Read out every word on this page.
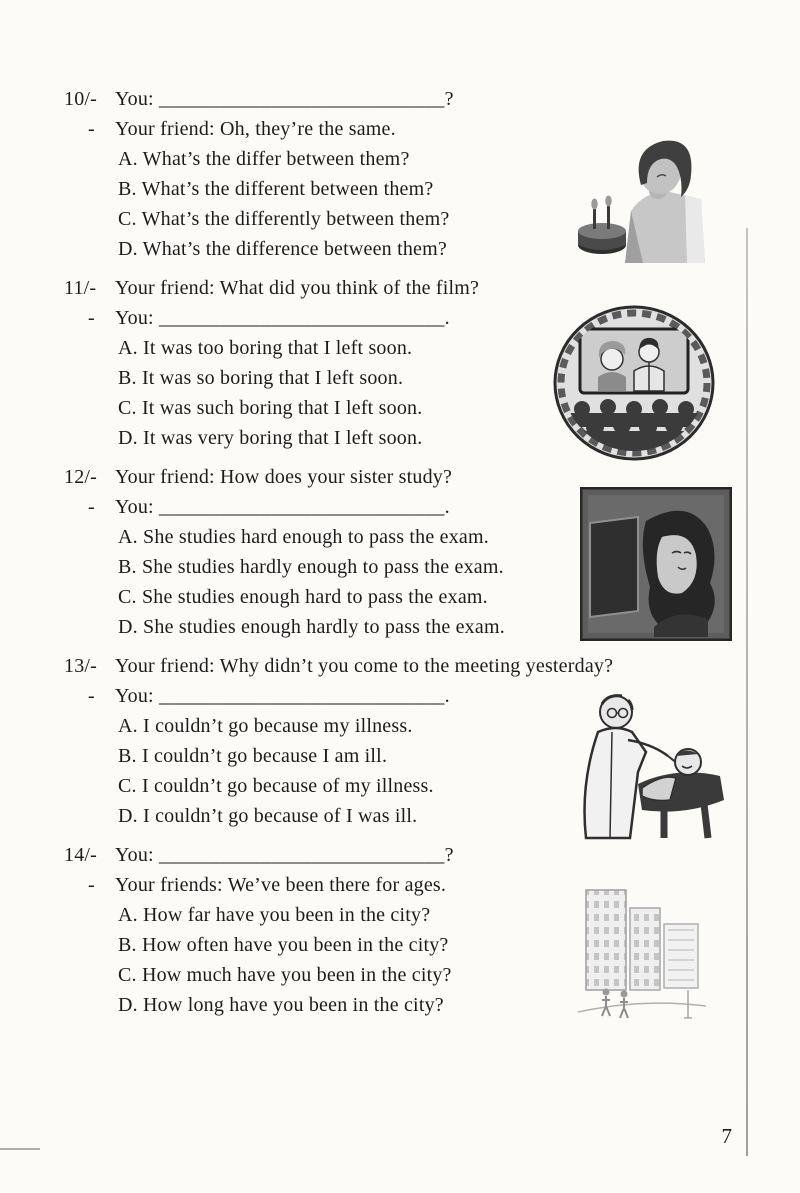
10/- You: ____________________________?
-	Your friend: Oh, they’re the same.
A. What’s the differ between them?
B. What’s the different between them?
C. What’s the differently between them?
D. What’s the difference between them?
11/- Your friend: What did you think of the film?
-	You: ____________________________.
A. It was too boring that I left soon.
B. It was so boring that I left soon.
C. It was such boring that I left soon.
D. It was very boring that I left soon.
12/- Your friend: How does your sister study?
-	You: ____________________________.
A. She studies hard enough to pass the exam.
B. She studies hardly enough to pass the exam.
C. She studies enough hard to pass the exam.
D. She studies enough hardly to pass the exam.
13/- Your friend: Why didn’t you come to the meeting yesterday?
-	You: ____________________________.
A. I couldn’t go because my illness.
B. I couldn’t go because I am ill.
C. I couldn’t go because of my illness.
D. I couldn’t go because of I was ill.
14/- You: ____________________________?
-	Your friends: We’ve been there for ages.
A. How far have you been in the city?
B. How often have you been in the city?
C. How much have you been in the city?
D. How long have you been in the city?
7
